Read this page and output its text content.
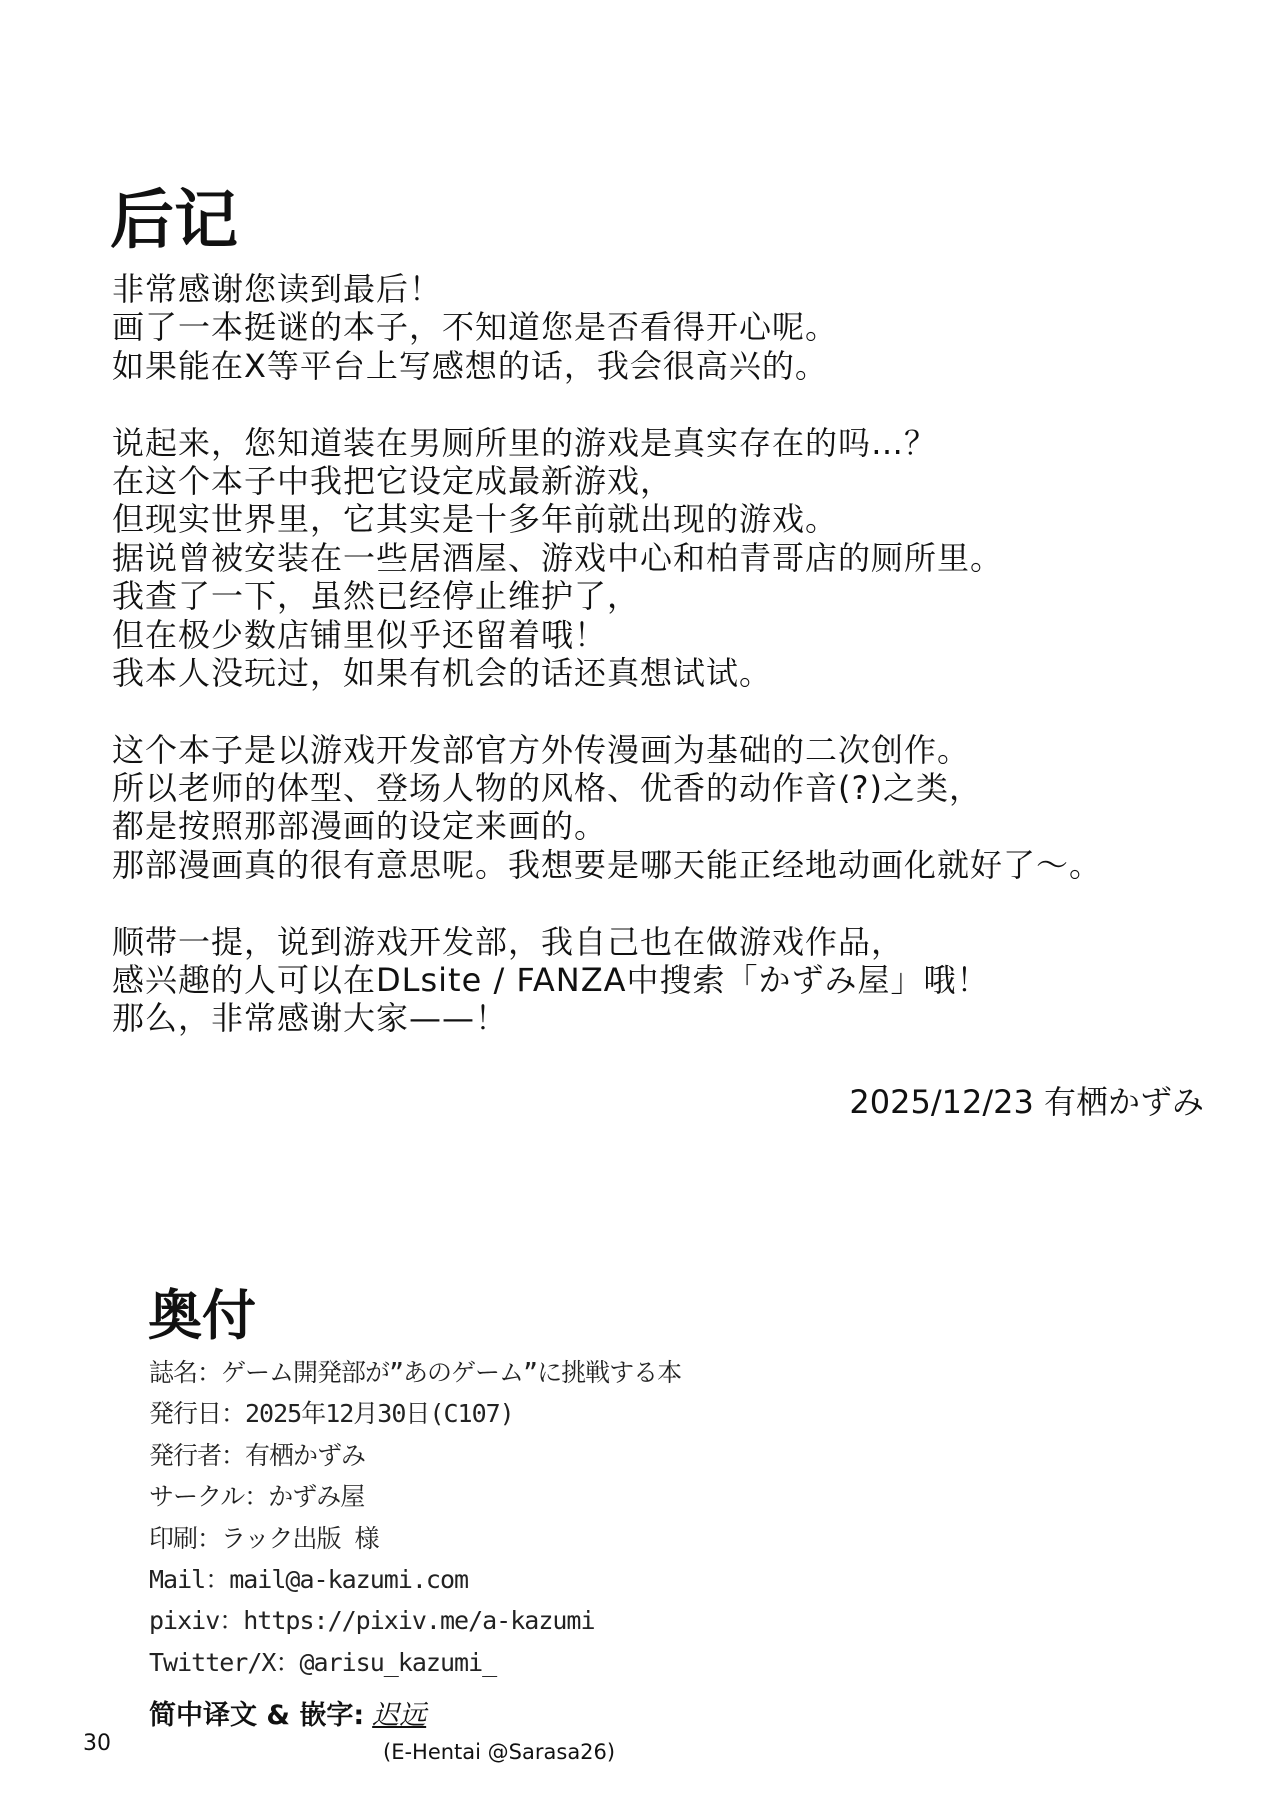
后记
非常感谢您读到最后！
画了一本挺谜的本子，不知道您是否看得开心呢。
如果能在X等平台上写感想的话，我会很高兴的。
说起来，您知道装在男厕所里的游戏是真实存在的吗…？
在这个本子中我把它设定成最新游戏，
但现实世界里，它其实是十多年前就出现的游戏。
据说曾被安装在一些居酒屋、游戏中心和柏青哥店的厕所里。
我查了一下，虽然已经停止维护了，
但在极少数店铺里似乎还留着哦！
我本人没玩过，如果有机会的话还真想试试。
这个本子是以游戏开发部官方外传漫画为基础的二次创作。
所以老师的体型、登场人物的风格、优香的动作音(?)之类，
都是按照那部漫画的设定来画的。
那部漫画真的很有意思呢。我想要是哪天能正经地动画化就好了～。
顺带一提，说到游戏开发部，我自己也在做游戏作品，
感兴趣的人可以在DLsite / FANZA中搜索「かずみ屋」哦！
那么，非常感谢大家——！
2025/12/23 有栖かずみ
奥付
誌名：ゲーム開発部が”あのゲーム”に挑戦する本
発行日：2025年12月30日(C107)
発行者：有栖かずみ
サークル：かずみ屋
印刷：ラック出版 様
Mail：mail@a-kazumi.com
pixiv：https://pixiv.me/a-kazumi
Twitter/X：@arisu_kazumi_
简中译文 & 嵌字: 迟远
(E-Hentai @Sarasa26)
30
